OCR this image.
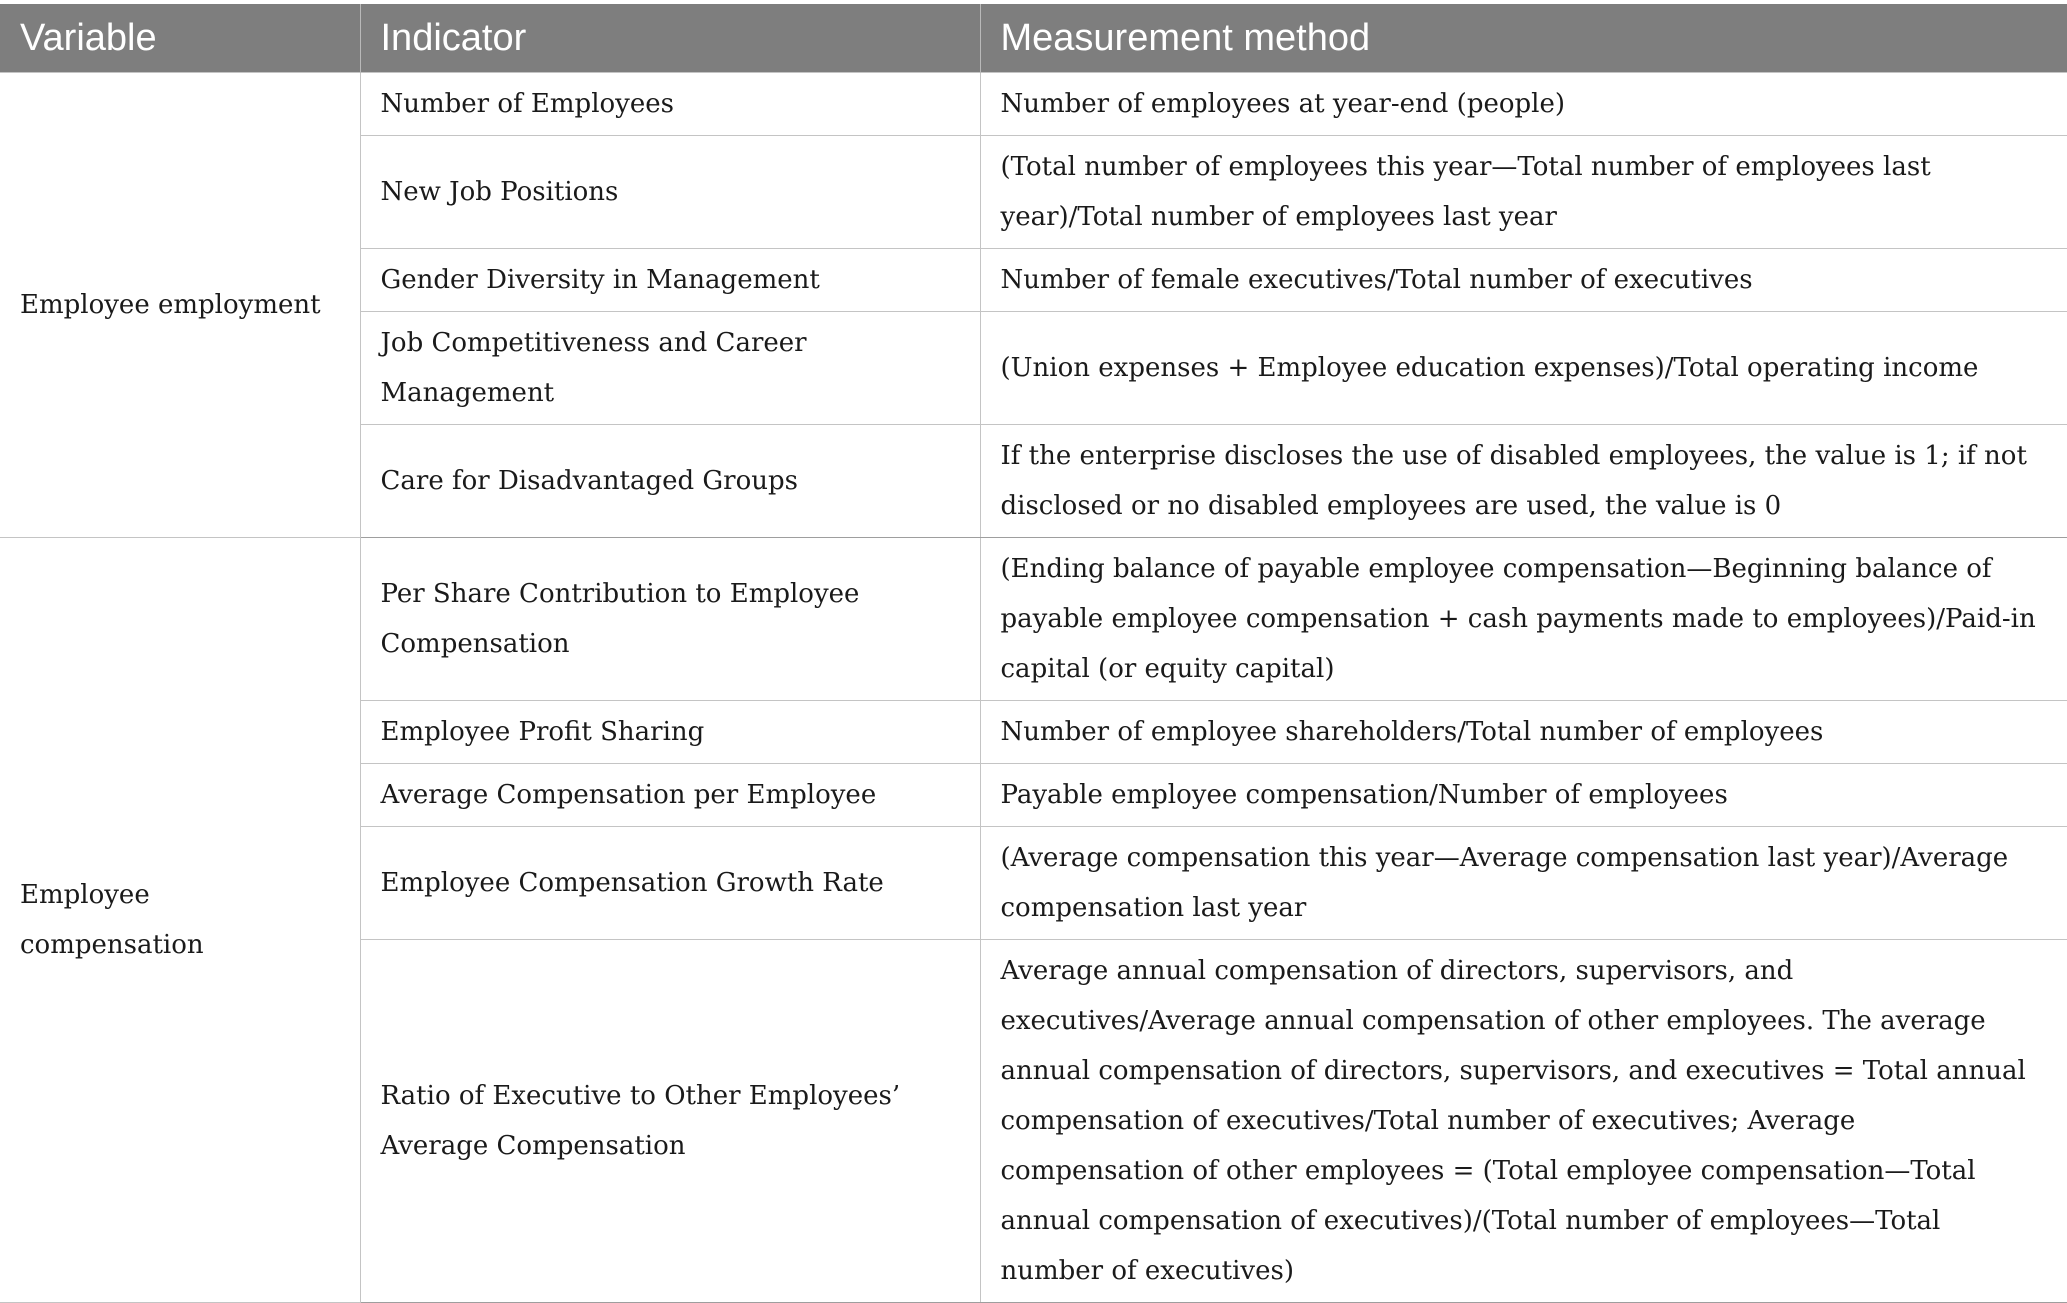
Variable	Indicator	Measurement method
Employee employment	Number of Employees	Number of employees at year-end (people)
	New Job Positions	(Total number of employees this year—Total number of employees last year)/Total number of employees last year
	Gender Diversity in Management	Number of female executives/Total number of executives
	Job Competitiveness and Career Management	(Union expenses + Employee education expenses)/Total operating income
	Care for Disadvantaged Groups	If the enterprise discloses the use of disabled employees, the value is 1; if not disclosed or no disabled employees are used, the value is 0
Employee compensation	Per Share Contribution to Employee Compensation	(Ending balance of payable employee compensation—Beginning balance of payable employee compensation + cash payments made to employees)/Paid-in capital (or equity capital)
	Employee Profit Sharing	Number of employee shareholders/Total number of employees
	Average Compensation per Employee	Payable employee compensation/Number of employees
	Employee Compensation Growth Rate	(Average compensation this year—Average compensation last year)/Average compensation last year
	Ratio of Executive to Other Employees’ Average Compensation	Average annual compensation of directors, supervisors, and executives/Average annual compensation of other employees. The average annual compensation of directors, supervisors, and executives = Total annual compensation of executives/Total number of executives; Average compensation of other employees = (Total employee compensation—Total annual compensation of executives)/(Total number of employees—Total number of executives)
